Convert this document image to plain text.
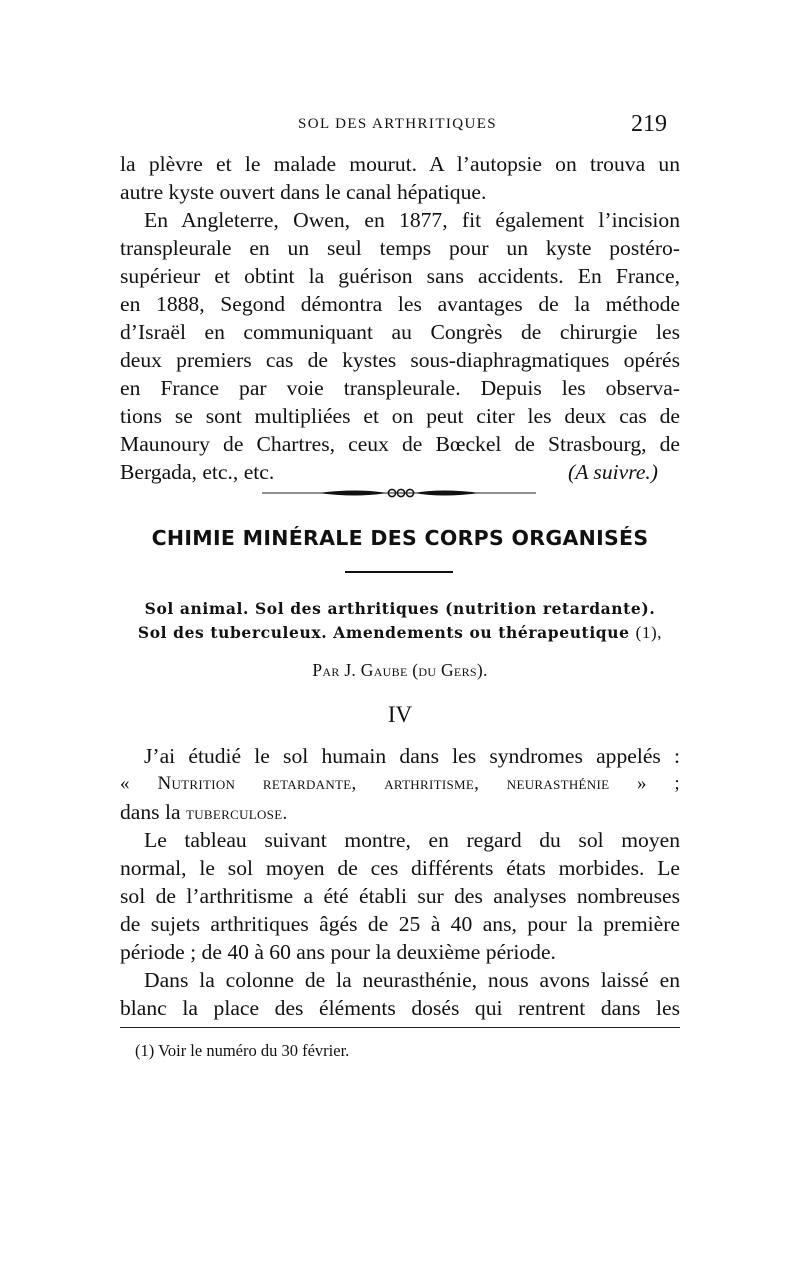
SOL DES ARTHRITIQUES	219
la plèvre et le malade mourut. A l’autopsie on trouva un
autre kyste ouvert dans le canal hépatique.
En Angleterre, Owen, en 1877, fit également l’incision
transpleurale en un seul temps pour un kyste postéro-
supérieur et obtint la guérison sans accidents. En France,
en 1888, Segond démontra les avantages de la méthode
d’Israël en communiquant au Congrès de chirurgie les
deux premiers cas de kystes sous-diaphragmatiques opérés
en France par voie transpleurale. Depuis les observa-
tions se sont multipliées et on peut citer les deux cas de
Maunoury de Chartres, ceux de Bœckel de Strasbourg, de
Bergada, etc., etc.	(A suivre.)
CHIMIE MINÉRALE DES CORPS ORGANISÉS
Sol animal. Sol des arthritiques (nutrition retardante).
Sol des tuberculeux. Amendements ou thérapeutique (1),
Par J. Gaube (du Gers).
IV
J’ai étudié le sol humain dans les syndromes appelés :
« Nutrition retardante, arthritisme, neurasthénie » ;
dans la tuberculose.
Le tableau suivant montre, en regard du sol moyen
normal, le sol moyen de ces différents états morbides. Le
sol de l’arthritisme a été établi sur des analyses nombreuses
de sujets arthritiques âgés de 25 à 40 ans, pour la première
période ; de 40 à 60 ans pour la deuxième période.
Dans la colonne de la neurasthénie, nous avons laissé en
blanc la place des éléments dosés qui rentrent dans les
(1) Voir le numéro du 30 février.
